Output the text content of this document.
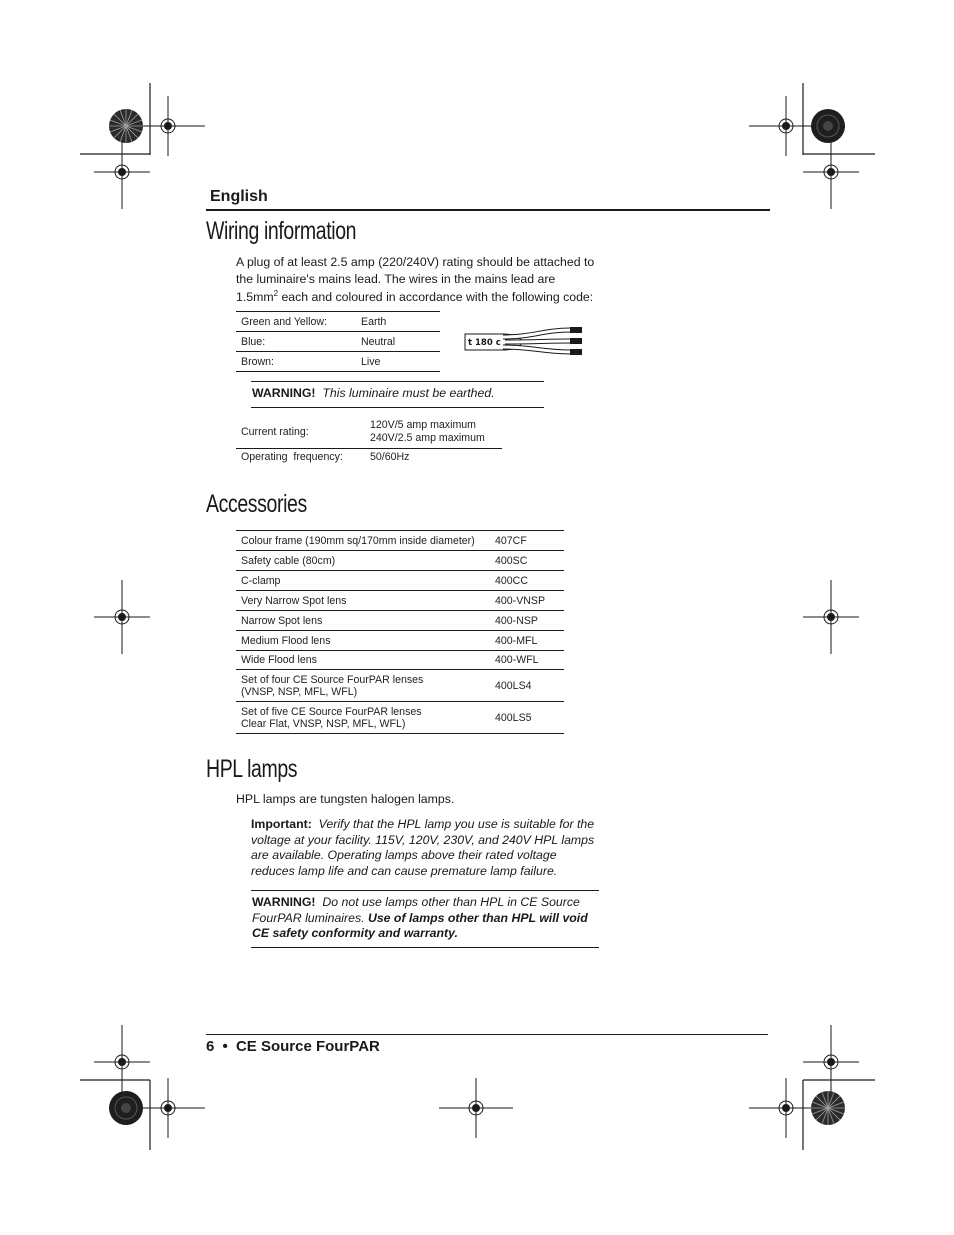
English
Wiring information
A plug of at least 2.5 amp (220/240V) rating should be attached to
the luminaire's mains lead. The wires in the mains lead are
$1.5mm^2$ each and coloured in accordance with the following code:
Green and Yellow:	Earth
Blue:	Neutral
Brown:	Live
t 180 c
WARNING! This luminaire must be earthed.
Current rating:	120V/5 amp maximum
240V/2.5 amp maximum

Operating  frequency:	50/60Hz
Accessories
Colour frame (190mm sq/170mm inside diameter)	407CF
Safety cable (80cm)	400SC
C-clamp	400CC
Very Narrow Spot lens	400-VNSP
Narrow Spot lens	400-NSP
Medium Flood lens	400-MFL
Wide Flood lens	400-WFL

Set of four CE Source FourPAR lenses
(VNSP, NSP, MFL, WFL)	400LS4

Set of five CE Source FourPAR lenses
Clear Flat, VNSP, NSP, MFL, WFL)	400LS5
HPL lamps
HPL lamps are tungsten halogen lamps.
Important: Verify that the HPL lamp you use is suitable for the
voltage at your facility. 115V, 120V, 230V, and 240V HPL lamps
are available. Operating lamps above their rated voltage
reduces lamp life and can cause premature lamp failure.
WARNING! Do not use lamps other than HPL in CE Source
FourPAR luminaires. Use of lamps other than HPL will void
CE safety conformity and warranty.
6 • CE Source FourPAR
